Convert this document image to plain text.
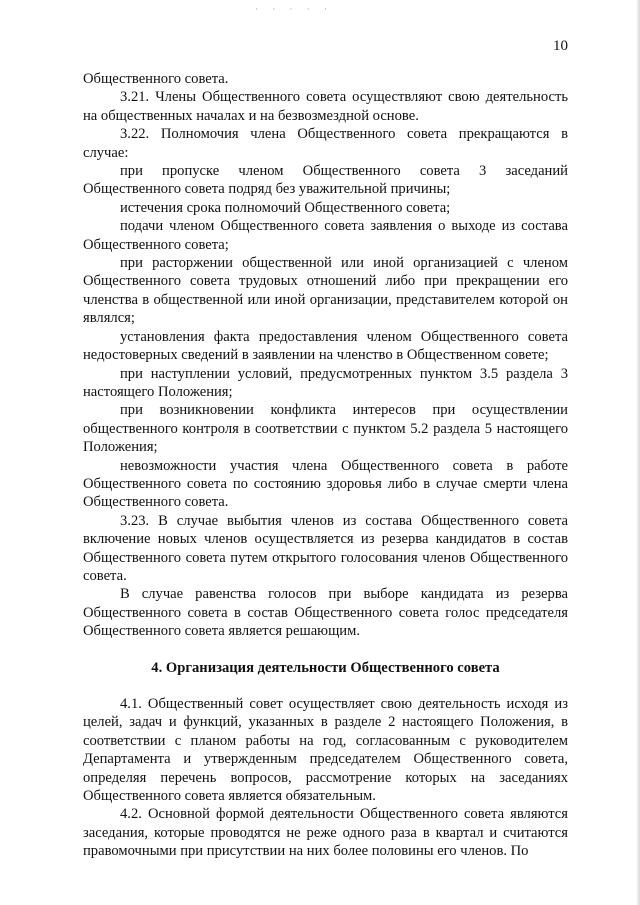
· · · · ·
10

Общественного совета.

3.21. Члены Общественного совета осуществляют свою деятельность на общественных началах и на безвозмездной основе.

3.22. Полномочия члена Общественного совета прекращаются в случае:

при пропуске членом Общественного совета 3 заседаний Общественного совета подряд без уважительной причины;

истечения срока полномочий Общественного совета;

подачи членом Общественного совета заявления о выходе из состава Общественного совета;

при расторжении общественной или иной организацией с членом Общественного совета трудовых отношений либо при прекращении его членства в общественной или иной организации, представителем которой он являлся;

установления факта предоставления членом Общественного совета недостоверных сведений в заявлении на членство в Общественном совете;

при наступлении условий, предусмотренных пунктом 3.5 раздела 3 настоящего Положения;

при возникновении конфликта интересов при осуществлении общественного контроля в соответствии с пунктом 5.2 раздела 5 настоящего Положения;

невозможности участия члена Общественного совета в работе Общественного совета по состоянию здоровья либо в случае смерти члена Общественного совета.

3.23. В случае выбытия членов из состава Общественного совета включение новых членов осуществляется из резерва кандидатов в состав Общественного совета путем открытого голосования членов Общественного совета.

В случае равенства голосов при выборе кандидата из резерва Общественного совета в состав Общественного совета голос председателя Общественного совета является решающим.

4. Организация деятельности Общественного совета

4.1. Общественный совет осуществляет свою деятельность исходя из целей, задач и функций, указанных в разделе 2 настоящего Положения, в соответствии с планом работы на год, согласованным с руководителем Департамента и утвержденным председателем Общественного совета, определяя перечень вопросов, рассмотрение которых на заседаниях Общественного совета является обязательным.

4.2. Основной формой деятельности Общественного совета являются заседания, которые проводятся не реже одного раза в квартал и считаются правомочными при присутствии на них более половины его членов. По
